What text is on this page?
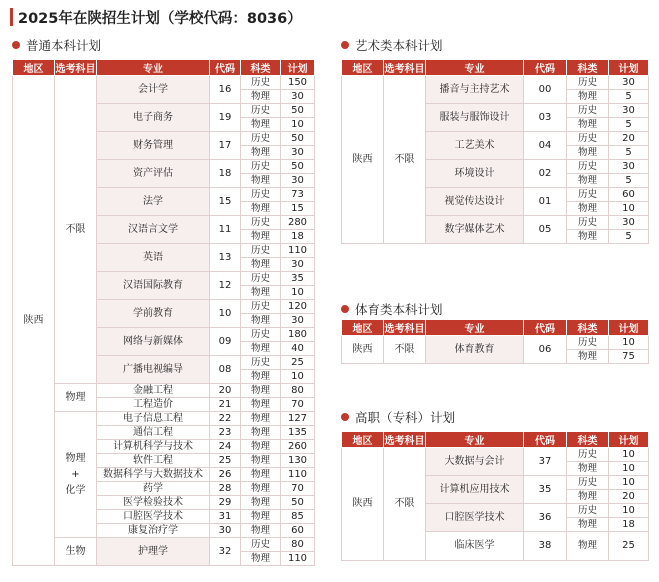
2025年在陕招生计划（学校代码：8036）
普通本科计划	艺术类本科计划
体育类本科计划
高职（专科）计划
地区	选考科目	专业	代码	科类	计划
陕西	不限	会计学	16	历史	150
				物理	30
		电子商务	19	历史	50
				物理	10
		财务管理	17	历史	50
				物理	30
		资产评估	18	历史	50
				物理	30
		法学	15	历史	73
				物理	15
		汉语言文学	11	历史	280
				物理	18
		英语	13	历史	110
				物理	30
		汉语国际教育	12	历史	35
				物理	10
		学前教育	10	历史	120
				物理	30
		网络与新媒体	09	历史	180
				物理	40
		广播电视编导	08	历史	25
				物理	10
	物理	金融工程	20	物理	80
		工程造价	21	物理	70

	物理
+
化学	电子信息工程	22	物理	127
		通信工程	23	物理	135
		计算机科学与技术	24	物理	260
		软件工程	25	物理	130
		数据科学与大数据技术	26	物理	110
		药学	28	物理	70
		医学检验技术	29	物理	50
		口腔医学技术	31	物理	85
		康复治疗学	30	物理	60
	生物	护理学	32	历史	80
				物理	110
地区	选考科目	专业	代码	科类	计划
陕西	不限	播音与主持艺术	00	历史	30
				物理	5
		服装与服饰设计	03	历史	30
				物理	5
		工艺美术	04	历史	20
				物理	5
		环境设计	02	历史	30
				物理	5
		视觉传达设计	01	历史	60
				物理	10
		数字媒体艺术	05	历史	30
				物理	5
地区	选考科目	专业	代码	科类	计划
陕西	不限	体育教育	06	历史	10
				物理	75
地区	选考科目	专业	代码	科类	计划
陕西	不限	大数据与会计	37	历史	10
				物理	10
		计算机应用技术	35	历史	10
				物理	20
		口腔医学技术	36	历史	10
				物理	18
		临床医学	38	物理	25
